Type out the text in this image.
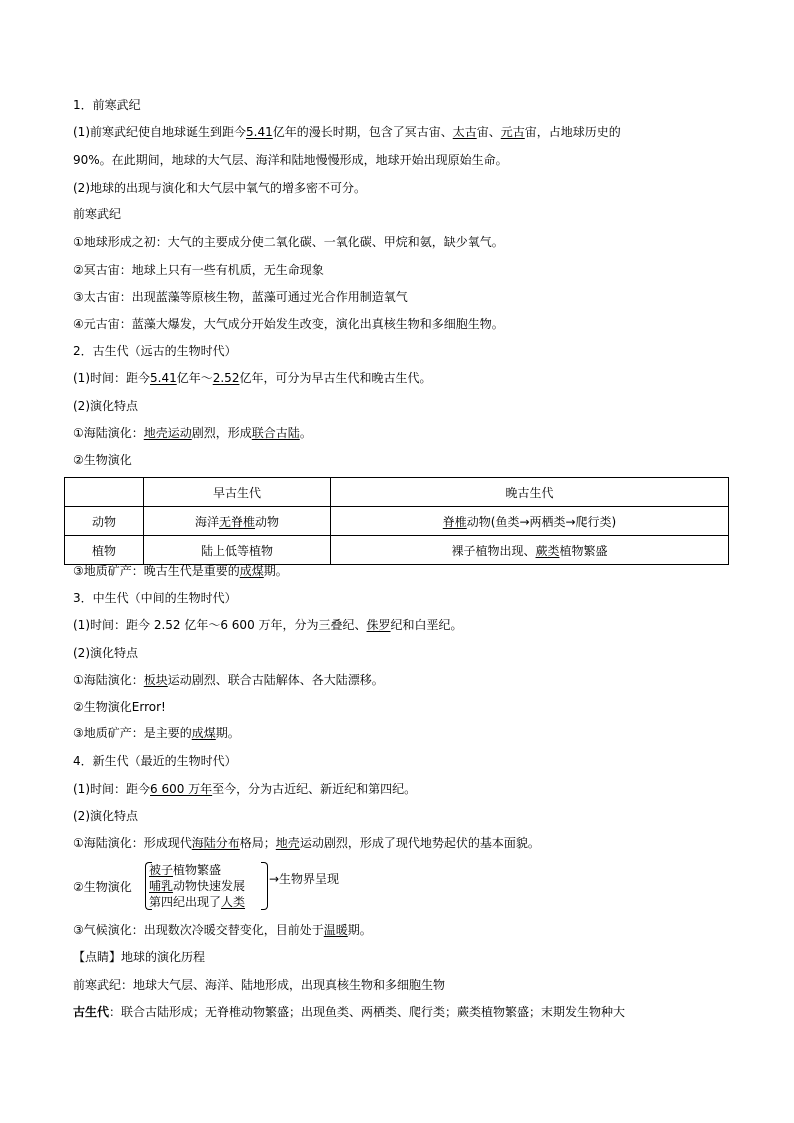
1．前寒武纪
(1)前寒武纪使自地球诞生到距今5.41亿年的漫长时期，包含了冥古宙、太古宙、元古宙，占地球历史的
90%。在此期间，地球的大气层、海洋和陆地慢慢形成，地球开始出现原始生命。
(2)地球的出现与演化和大气层中氧气的增多密不可分。
前寒武纪
①地球形成之初：大气的主要成分使二氧化碳、一氧化碳、甲烷和氨，缺少氧气。
②冥古宙：地球上只有一些有机质，无生命现象
③太古宙：出现蓝藻等原核生物，蓝藻可通过光合作用制造氧气
④元古宙：蓝藻大爆发，大气成分开始发生改变，演化出真核生物和多细胞生物。
2．古生代（远古的生物时代）
(1)时间：距今5.41亿年～2.52亿年，可分为早古生代和晚古生代。
(2)演化特点
①海陆演化：地壳运动剧烈，形成联合古陆。
②生物演化
	早古生代	晚古生代
动物	海洋无脊椎动物	脊椎动物(鱼类→两栖类→爬行类)
植物	陆上低等植物	裸子植物出现、蕨类植物繁盛
③地质矿产：晚古生代是重要的成煤期。
3．中生代（中间的生物时代）
(1)时间：距今 2.52 亿年～6 600 万年，分为三叠纪、侏罗纪和白垩纪。
(2)演化特点
①海陆演化：板块运动剧烈、联合古陆解体、各大陆漂移。
②生物演化Error!
③地质矿产：是主要的成煤期。
4．新生代（最近的生物时代）
(1)时间：距今6 600 万年至今，分为古近纪、新近纪和第四纪。
(2)演化特点
①海陆演化：形成现代海陆分布格局；地壳运动剧烈，形成了现代地势起伏的基本面貌。
②生物演化
被子植物繁盛
哺乳动物快速发展
第四纪出现了人类
→生物界呈现
③气候演化：出现数次冷暖交替变化，目前处于温暖期。
【点睛】地球的演化历程
前寒武纪：地球大气层、海洋、陆地形成，出现真核生物和多细胞生物
古生代：联合古陆形成；无脊椎动物繁盛；出现鱼类、两栖类、爬行类；蕨类植物繁盛；末期发生物种大
